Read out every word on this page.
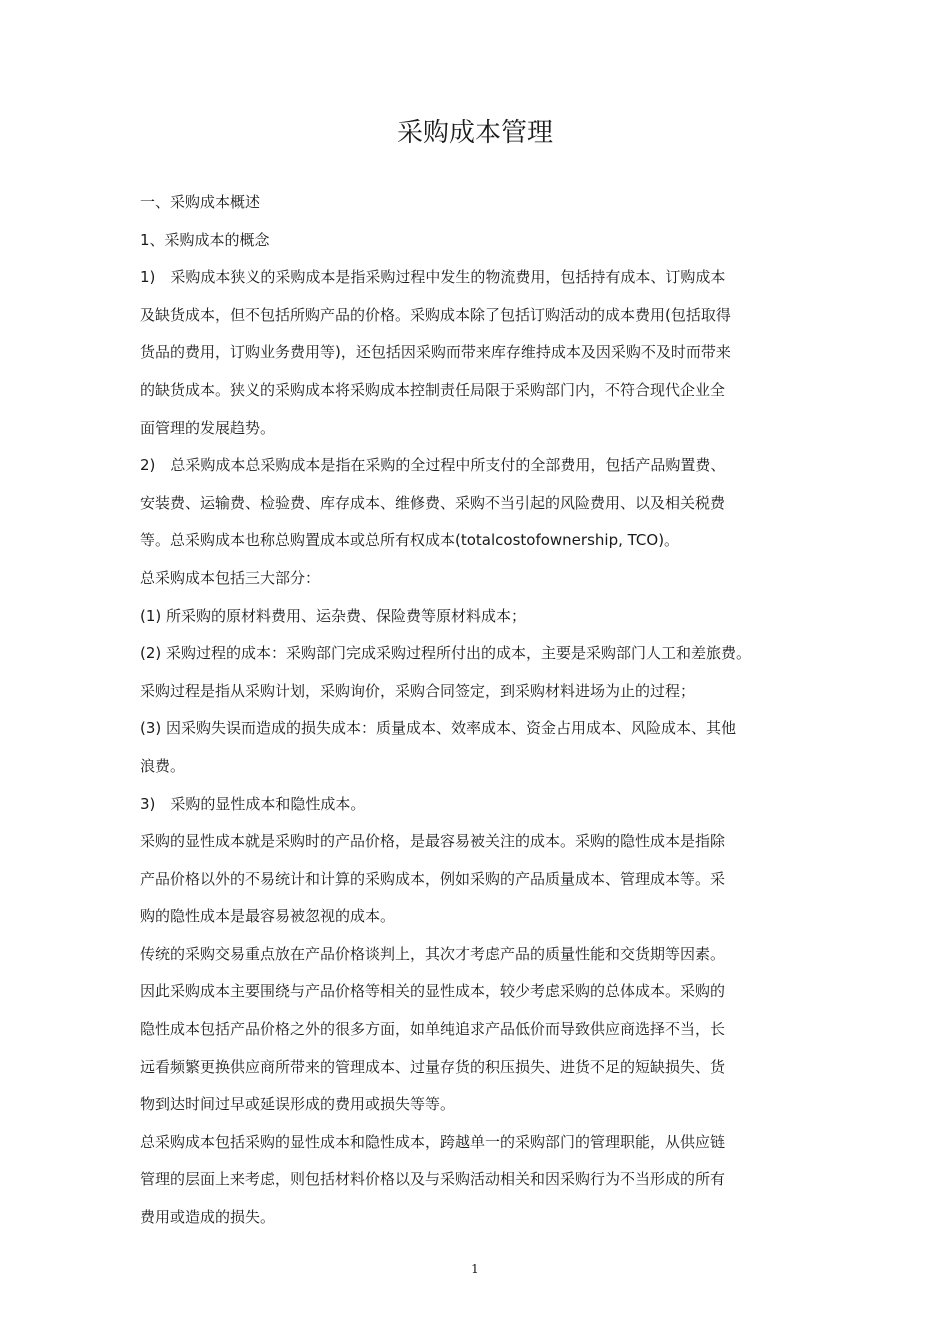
采购成本管理
一、采购成本概述
1、采购成本的概念
1)　采购成本狭义的采购成本是指采购过程中发生的物流费用，包括持有成本、订购成本
及缺货成本，但不包括所购产品的价格。采购成本除了包括订购活动的成本费用(包括取得
货品的费用，订购业务费用等)，还包括因采购而带来库存维持成本及因采购不及时而带来
的缺货成本。狭义的采购成本将采购成本控制责任局限于采购部门内，不符合现代企业全
面管理的发展趋势。
2)　总采购成本总采购成本是指在采购的全过程中所支付的全部费用，包括产品购置费、
安装费、运输费、检验费、库存成本、维修费、采购不当引起的风险费用、以及相关税费
等。总采购成本也称总购置成本或总所有权成本(totalcostofownership, TCO)。
总采购成本包括三大部分：
(1) 所采购的原材料费用、运杂费、保险费等原材料成本；
(2) 采购过程的成本：采购部门完成采购过程所付出的成本，主要是采购部门人工和差旅费。
采购过程是指从采购计划，采购询价，采购合同签定，到采购材料进场为止的过程；
(3) 因采购失误而造成的损失成本：质量成本、效率成本、资金占用成本、风险成本、其他
浪费。
3)　采购的显性成本和隐性成本。
采购的显性成本就是采购时的产品价格，是最容易被关注的成本。采购的隐性成本是指除
产品价格以外的不易统计和计算的采购成本，例如采购的产品质量成本、管理成本等。采
购的隐性成本是最容易被忽视的成本。
传统的采购交易重点放在产品价格谈判上，其次才考虑产品的质量性能和交货期等因素。
因此采购成本主要围绕与产品价格等相关的显性成本，较少考虑采购的总体成本。采购的
隐性成本包括产品价格之外的很多方面，如单纯追求产品低价而导致供应商选择不当，长
远看频繁更换供应商所带来的管理成本、过量存货的积压损失、进货不足的短缺损失、货
物到达时间过早或延误形成的费用或损失等等。
总采购成本包括采购的显性成本和隐性成本，跨越单一的采购部门的管理职能，从供应链
管理的层面上来考虑，则包括材料价格以及与采购活动相关和因采购行为不当形成的所有
费用或造成的损失。
1
